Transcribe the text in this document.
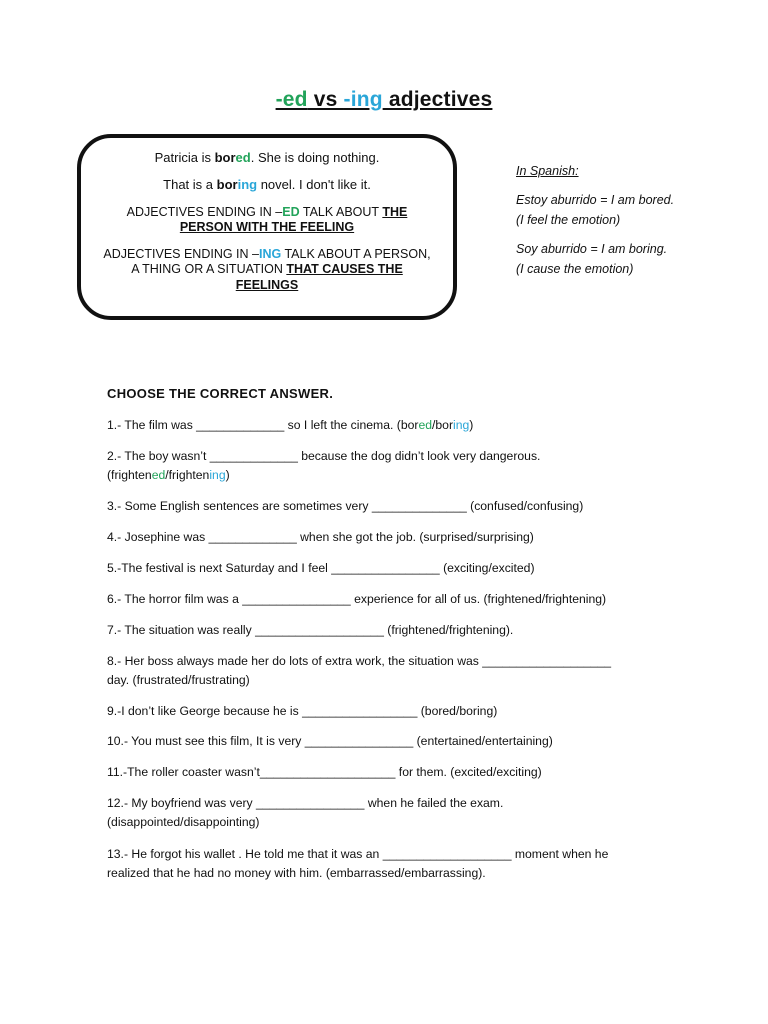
-ed vs -ing adjectives

Patricia is bored. She is doing nothing.

That is a boring novel. I don't like it.

ADJECTIVES ENDING IN –ED TALK ABOUT THE PERSON WITH THE FEELING

ADJECTIVES ENDING IN –ING TALK ABOUT A PERSON, A THING OR A SITUATION THAT CAUSES THE FEELINGS

In Spanish:
Estoy aburrido = I am bored.
(I feel the emotion)
Soy aburrido = I am boring.
(I cause the emotion)
CHOOSE THE CORRECT ANSWER.
1.- The film was _____________ so I left the cinema. (bored/boring)
2.- The boy wasn’t _____________ because the dog didn’t look very dangerous.
(frightened/frightening)
3.- Some English sentences are sometimes very ______________ (confused/confusing)
4.- Josephine was _____________ when she got the job. (surprised/surprising)
5.-The festival is next Saturday and I feel ________________ (exciting/excited)
6.- The horror film was a ________________ experience for all of us. (frightened/frightening)
7.- The situation was really ___________________ (frightened/frightening).
8.- Her boss always made her do lots of extra work, the situation was ___________________
day. (frustrated/frustrating)
9.-I don’t like George because he is _________________ (bored/boring)
10.- You must see this film, It is very ________________ (entertained/entertaining)
11.-The roller coaster wasn’t____________________ for them. (excited/exciting)
12.- My boyfriend was very ________________ when he failed the exam.
(disappointed/disappointing)
13.- He forgot his wallet . He told me that it was an ___________________ moment when he
realized that he had no money with him. (embarrassed/embarrassing).
